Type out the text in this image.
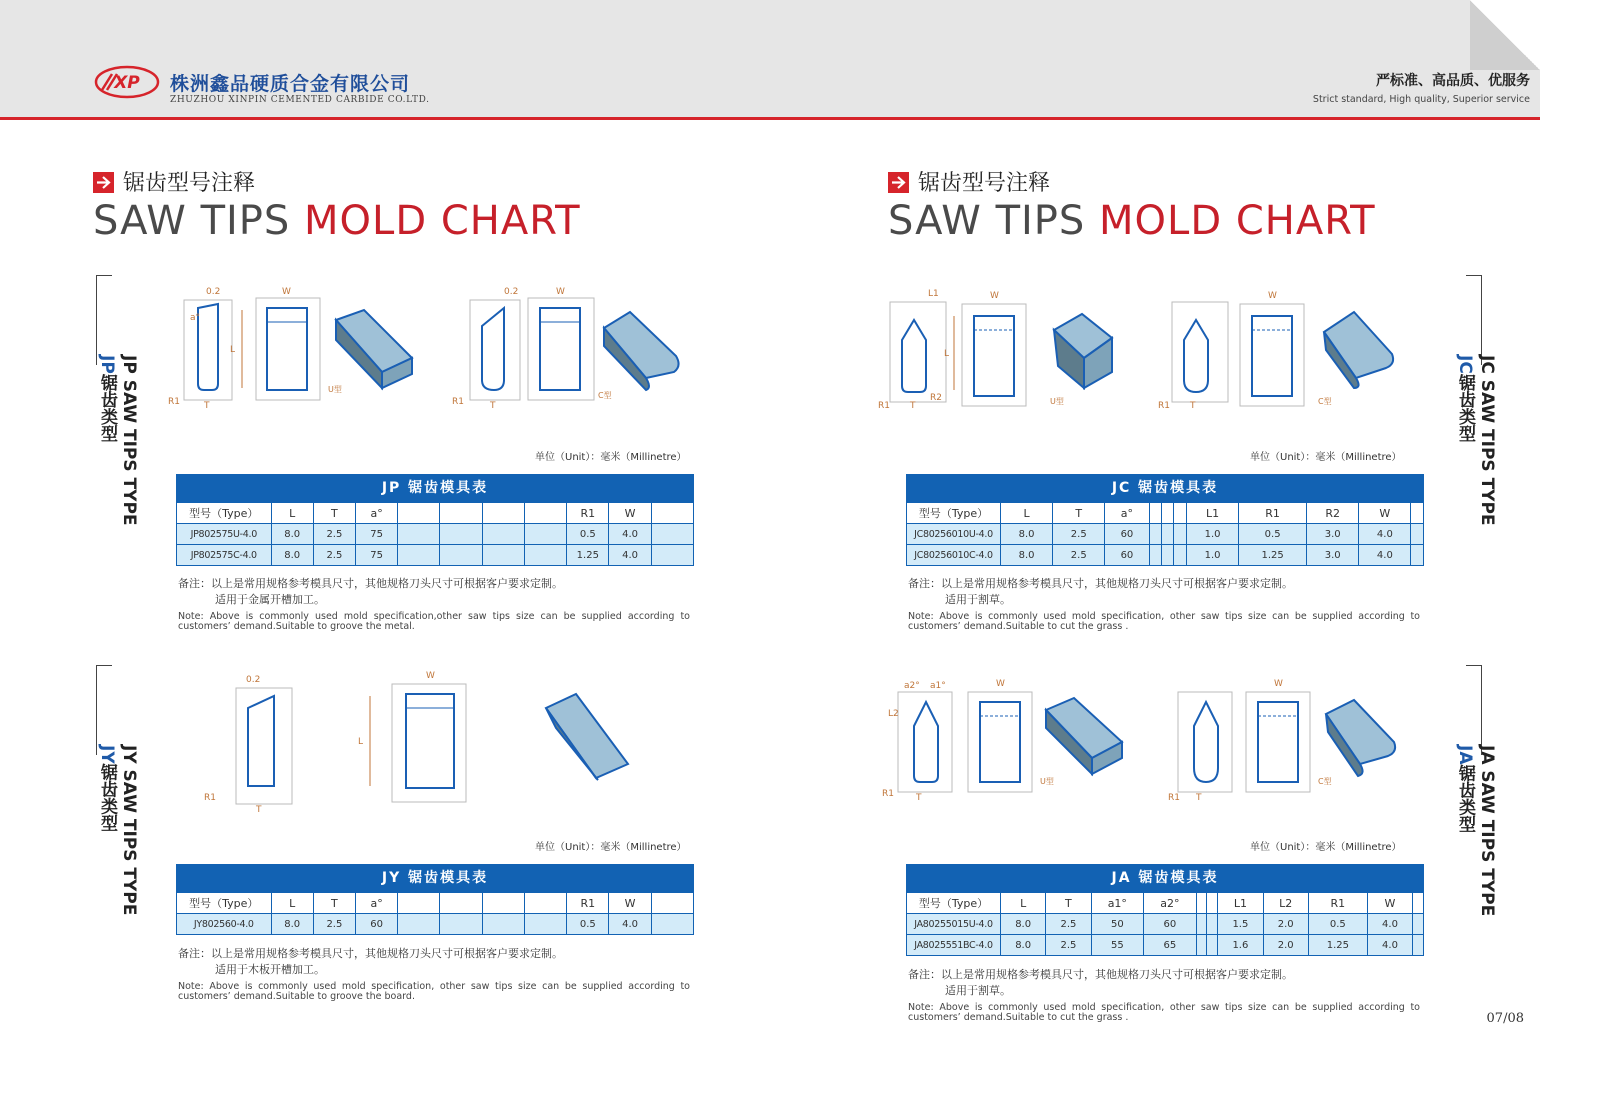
XP 株洲鑫品硬质合金有限公司
ZHUZHOU XINPIN CEMENTED CARBIDE CO.LTD.
严标准、高品质、优服务
Strict standard, High quality, Superior service
锯齿型号注释
SAW TIPS MOLD CHART
锯齿型号注释
SAW TIPS MOLD CHART
JP SAW TIPS TYPE
JP锯齿类型
JY SAW TIPS TYPE
JY锯齿类型
JC SAW TIPS TYPE
JC锯齿类型
JA SAW TIPS TYPE
JA锯齿类型
L
T
R1
a°
0.2	W
U型
T
R1
0.2	W
C型
T
R1
0.2
L
W
L
T
R1
R2
L1	W
U型	T
R1
W
C型
T
R1
a2° a1°
L2
W
U型
T
R1
W
C型
单位（Unit）：毫米（Millinetre）	单位（Unit）：毫米（Millinetre）
单位（Unit）：毫米（Millinetre）	单位（Unit）：毫米（Millinetre）
JP 锯齿模具表
型号（Type）	L	T	a°					R1	W	
JP802575U-4.0	8.0	2.5	75					0.5	4.0	
JP802575C-4.0	8.0	2.5	75					1.25	4.0	
JC 锯齿模具表
型号（Type）	L	T	a°				L1	R1	R2	W	
JC80256010U-4.0	8.0	2.5	60				1.0	0.5	3.0	4.0	
JC80256010C-4.0	8.0	2.5	60				1.0	1.25	3.0	4.0	
JY 锯齿模具表
型号（Type）	L	T	a°					R1	W	
JY802560-4.0	8.0	2.5	60					0.5	4.0	
JA 锯齿模具表
型号（Type）	L	T	a1°	a2°			L1	L2	R1	W	
JA80255015U-4.0	8.0	2.5	50	60			1.5	2.0	0.5	4.0	
JA8025551BC-4.0	8.0	2.5	55	65			1.6	2.0	1.25	4.0	
备注：以上是常用规格参考模具尺寸，其他规格刀头尺寸可根据客户要求定制。
适用于金属开槽加工。
Note: Above is commonly used mold specification,other saw tips size can be supplied according to customers’ demand.Suitable to groove the metal.
备注：以上是常用规格参考模具尺寸，其他规格刀头尺寸可根据客户要求定制。
适用于割草。
Note: Above is commonly used mold specification, other saw tips size can be supplied according to customers’ demand.Suitable to cut the grass .
备注：以上是常用规格参考模具尺寸，其他规格刀头尺寸可根据客户要求定制。
适用于木板开槽加工。
Note: Above is commonly used mold specification, other saw tips size can be supplied according to customers’ demand.Suitable to groove the board.
备注：以上是常用规格参考模具尺寸，其他规格刀头尺寸可根据客户要求定制。
适用于割草。
Note: Above is commonly used mold specification, other saw tips size can be supplied according to customers’ demand.Suitable to cut the grass .	07/08
